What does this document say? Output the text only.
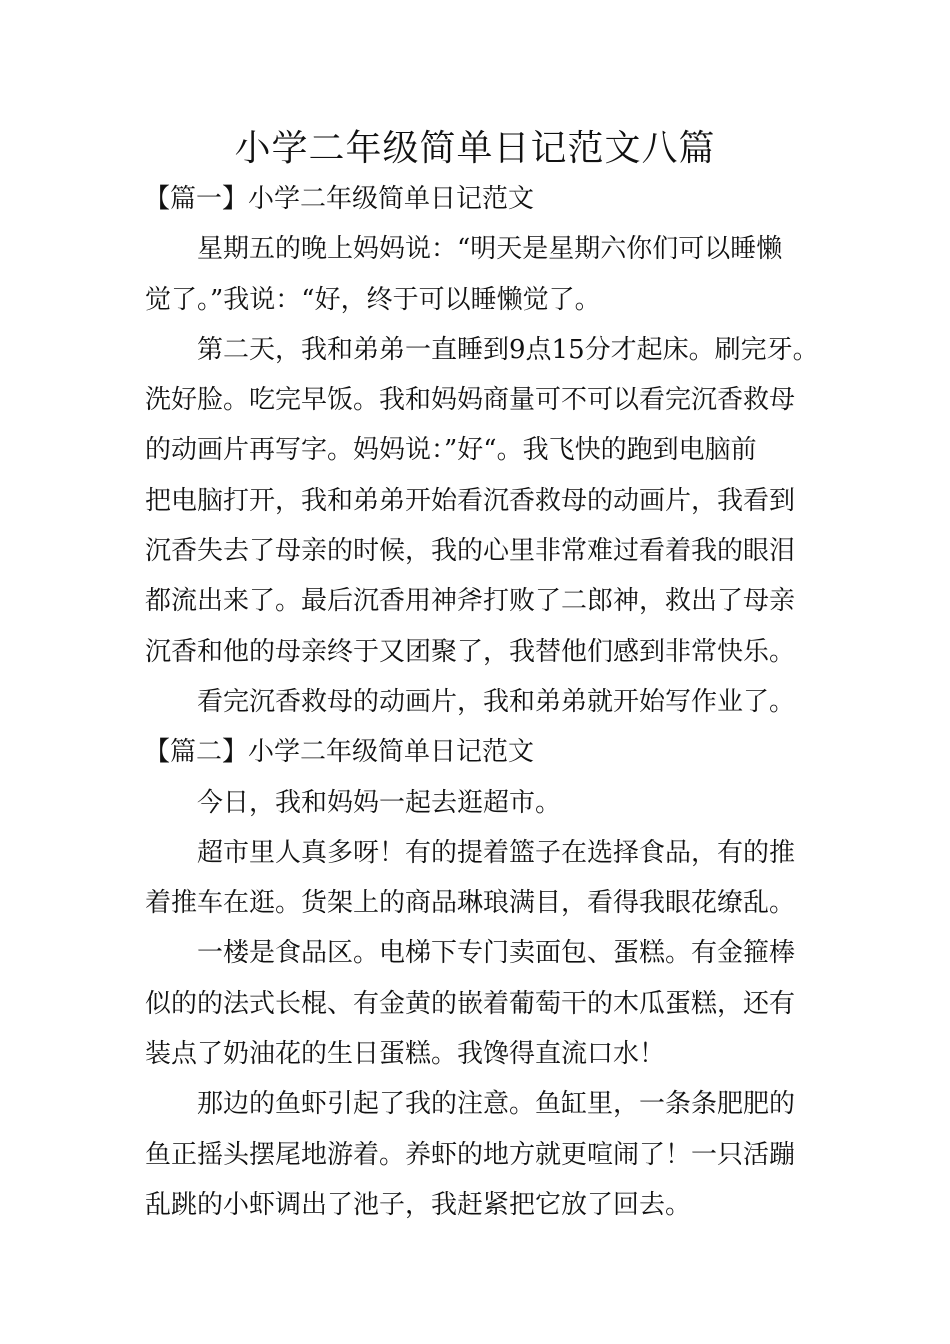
小学二年级简单日记范文八篇
【篇一】小学二年级简单日记范文

星期五的晚上妈妈说：“明天是星期六你们可以睡懒
觉了。”我说：“好，终于可以睡懒觉了。

第二天，我和弟弟一直睡到9点15分才起床。刷完牙。
洗好脸。吃完早饭。我和妈妈商量可不可以看完沉香救母
的动画片再写字。妈妈说：”好“。我飞快的跑到电脑前
把电脑打开，我和弟弟开始看沉香救母的动画片，我看到
沉香失去了母亲的时候，我的心里非常难过看着我的眼泪
都流出来了。最后沉香用神斧打败了二郎神，救出了母亲
沉香和他的母亲终于又团聚了，我替他们感到非常快乐。

看完沉香救母的动画片，我和弟弟就开始写作业了。

【篇二】小学二年级简单日记范文

今日，我和妈妈一起去逛超市。

超市里人真多呀！有的提着篮子在选择食品，有的推
着推车在逛。货架上的商品琳琅满目，看得我眼花缭乱。

一楼是食品区。电梯下专门卖面包、蛋糕。有金箍棒
似的的法式长棍、有金黄的嵌着葡萄干的木瓜蛋糕，还有
装点了奶油花的生日蛋糕。我馋得直流口水！

那边的鱼虾引起了我的注意。鱼缸里，一条条肥肥的
鱼正摇头摆尾地游着。养虾的地方就更喧闹了！一只活蹦
乱跳的小虾调出了池子，我赶紧把它放了回去。
